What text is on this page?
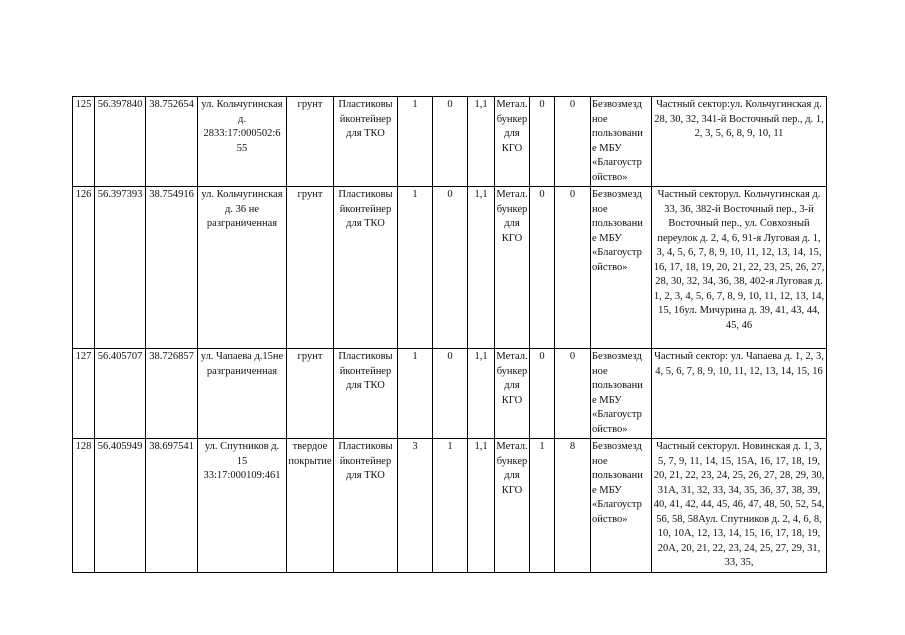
125	56.397840	38.752654	ул. Кольчугинская д. 2833:17:000502:6 55	грунт	Пластиковы йконтейнер для ТКО	1	0	1,1	Метал. бункер для КГО	0	0	Безвозмезд ное пользовани е МБУ «Благоустр ойство»	Частный сектор:ул. Кольчугинская д. 28, 30, 32, 341-й Восточный пер., д. 1, 2, 3, 5, 6, 8, 9, 10, 11
126	56.397393	38.754916	ул. Кольчугинская д. 36 не разграниченная	грунт	Пластиковы йконтейнер для ТКО	1	0	1,1	Метал. бункер для КГО	0	0	Безвозмезд ное пользовани е МБУ «Благоустр ойство»	Частный секторул. Кольчугинская д. 33, 36, 382-й Восточный пер., 3-й Восточный пер., ул. Совхозный переулок д. 2, 4, 6, 91-я Луговая д. 1, 3, 4, 5, 6, 7, 8, 9, 10, 11, 12, 13, 14, 15, 16, 17, 18, 19, 20, 21, 22, 23, 25, 26, 27, 28, 30, 32, 34, 36, 38, 402-я Луговая д. 1, 2, 3, 4, 5, 6, 7, 8, 9, 10, 11, 12, 13, 14, 15, 16ул. Мичурина д. 39, 41, 43, 44, 45, 46
127	56.405707	38.726857	ул. Чапаева д.15не разграниченная	грунт	Пластиковы йконтейнер для ТКО	1	0	1,1	Метал. бункер для КГО	0	0	Безвозмезд ное пользовани е МБУ «Благоустр ойство»	Частный сектор: ул. Чапаева д. 1, 2, 3, 4, 5, 6, 7, 8, 9, 10, 11, 12, 13, 14, 15, 16
128	56.405949	38.697541	ул. Спутников д. 15 33:17:000109:461	твердое покрытие	Пластиковы йконтейнер для ТКО	3	1	1,1	Метал. бункер для КГО	1	8	Безвозмезд ное пользовани е МБУ «Благоустр ойство»	Частный секторул. Новинская д. 1, 3, 5, 7, 9, 11, 14, 15, 15А, 16, 17, 18, 19, 20, 21, 22, 23, 24, 25, 26, 27, 28, 29, 30, 31А, 31, 32, 33, 34, 35, 36, 37, 38, 39, 40, 41, 42, 44, 45, 46, 47, 48, 50, 52, 54, 56, 58, 58Аул. Спутников д. 2, 4, 6, 8, 10, 10А, 12, 13, 14, 15, 16, 17, 18, 19, 20А, 20, 21, 22, 23, 24, 25, 27, 29, 31, 33, 35,
